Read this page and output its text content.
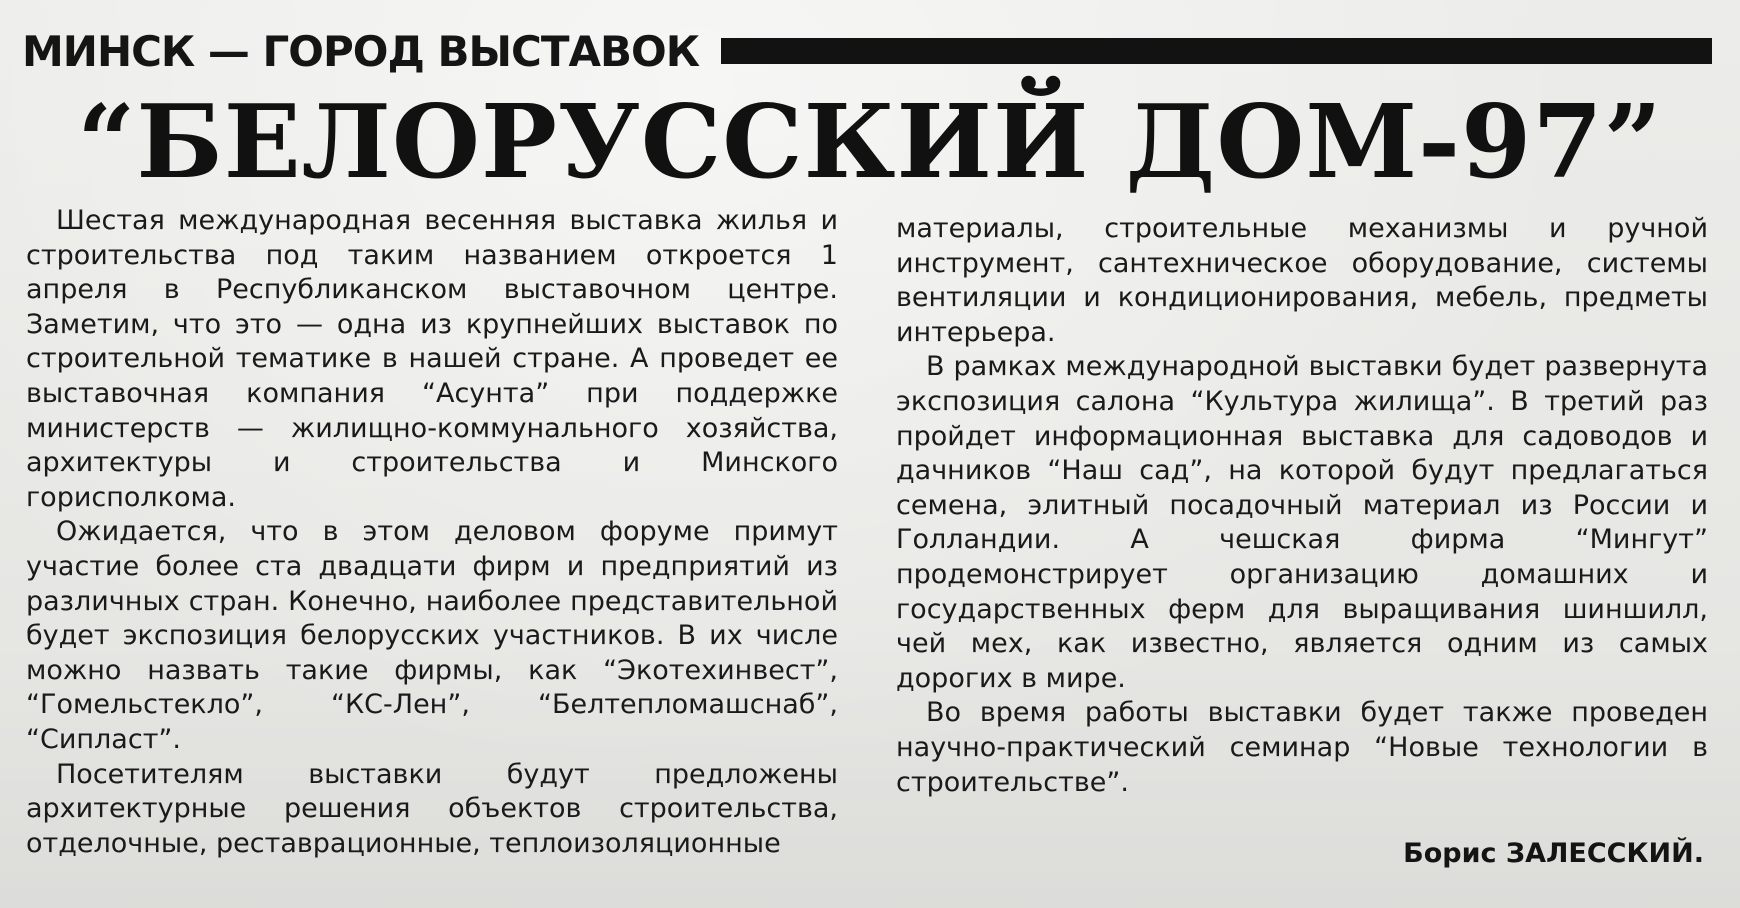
МИНСК — ГОРОД ВЫСТАВОК
“БЕЛОРУССКИЙ ДОМ-97”

Шестая международная весенняя выставка жилья и строительства под таким названием откроется 1 апреля в Республиканском выставочном центре. Заметим, что это — одна из крупнейших выставок по строительной тематике в нашей стране. А проведет ее выставочная компания “Асунта” при поддержке министерств — жилищно-коммунального хозяйства, архитектуры и строительства и Минского горисполкома.

Ожидается, что в этом деловом форуме примут участие более ста двадцати фирм и предприятий из различных стран. Конечно, наиболее представительной будет экспозиция белорусских участников. В их числе можно назвать такие фирмы, как “Экотехинвест”, “Гомельстекло”, “КС-Лен”, “Белтепломашснаб”, “Сипласт”.

Посетителям выставки будут предложены архитектурные решения объектов строительства, отделочные, реставрационные, теплоизоляционные

материалы, строительные механизмы и ручной инструмент, сантехническое оборудование, системы вентиляции и кондиционирования, мебель, предметы интерьера.

В рамках международной выставки будет развернута экспозиция салона “Культура жилища”. В третий раз пройдет информационная выставка для садоводов и дачников “Наш сад”, на которой будут предлагаться семена, элитный посадочный материал из России и Голландии. А чешская фирма “Мингут” продемонстрирует организацию домашних и государственных ферм для выращивания шиншилл, чей мех, как известно, является одним из самых дорогих в мире.

Во время работы выставки будет также проведен научно-практический семинар “Новые технологии в строительстве”.

Борис ЗАЛЕССКИЙ.
